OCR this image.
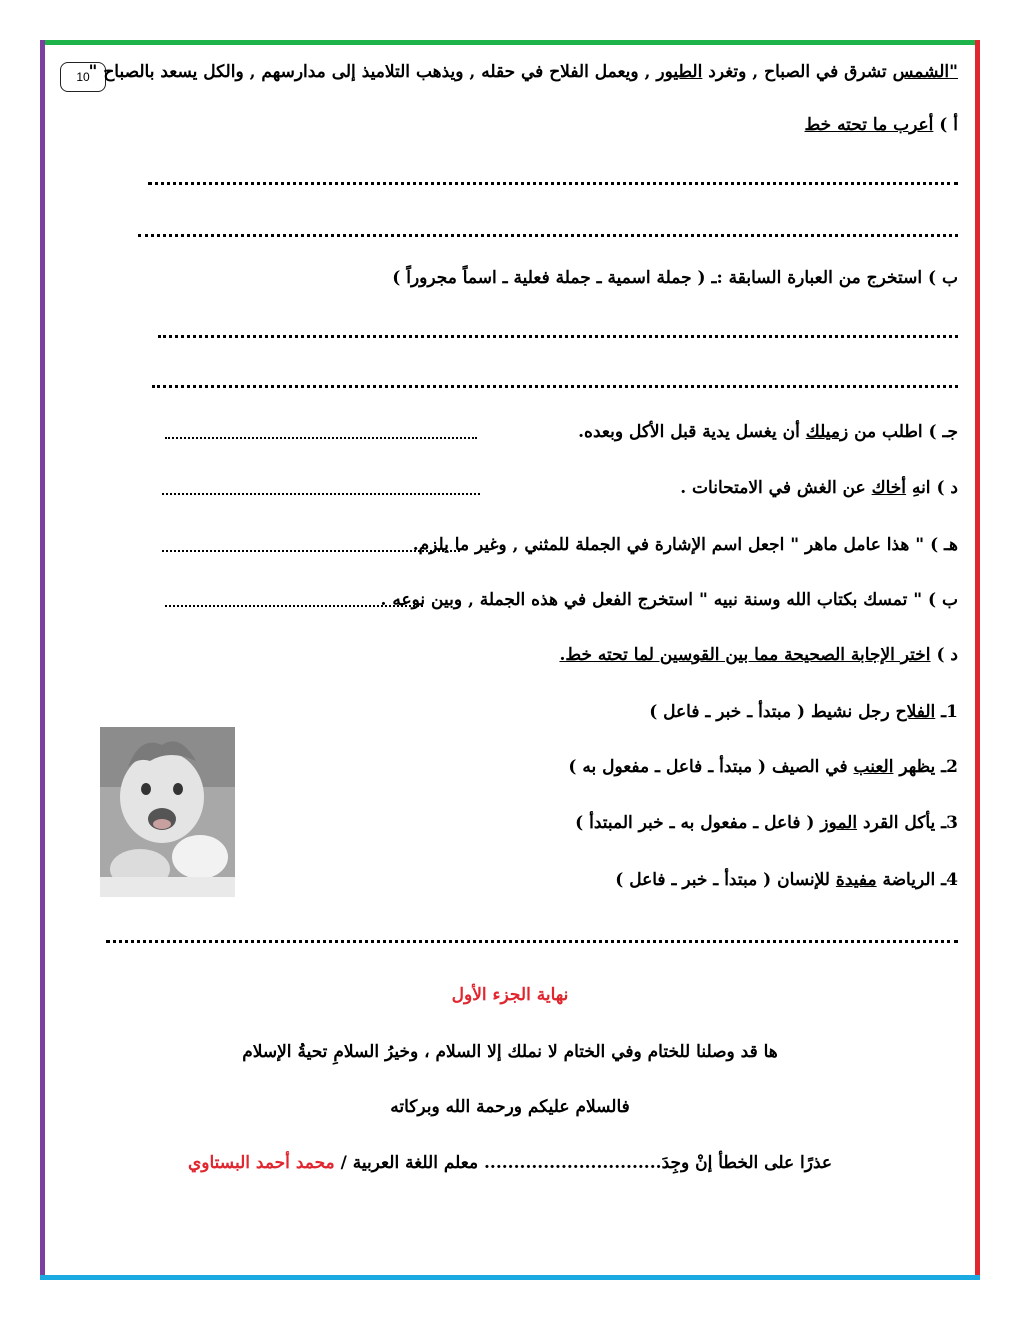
10	"الشمس تشرق في الصباح , وتغرد الطيور , ويعمل الفلاح في حقله , ويذهب التلاميذ إلى مدارسهم , والكل يسعد بالصباح "
أ ) أعرب ما تحته خط
ب ) استخرج من العبارة السابقة :ـ ( جملة اسمية ـ جملة فعلية ـ اسماً مجروراً )
جـ ) اطلب من زميلك أن يغسل يدية قبل الأكل وبعده.
د ) انهِ أخاك عن الغش في الامتحانات .
هـ ) " هذا عامل ماهر " اجعل اسم الإشارة في الجملة للمثني , وغير ما يلزم.
ب ) " تمسك بكتاب الله وسنة نبيه " استخرج الفعل في هذه الجملة , وبين نوعه .
د ) اختر الإجابة الصحيحة مما بين القوسين لما تحته خط.
1ـ الفلاح رجل نشيط ( مبتدأ ـ خبر ـ فاعل )
2ـ يظهر العنب في الصيف ( مبتدأ ـ فاعل ـ مفعول به )
3ـ يأكل القرد الموز ( فاعل ـ مفعول به ـ خبر المبتدأ )
4ـ الرياضة مفيدة للإنسان ( مبتدأ ـ خبر ـ فاعل )
نهاية الجزء الأول
ها قد وصلنا للختام وفي الختام لا نملك إلا السلام ، وخيرُ السلامِ تحيةُ الإسلام
فالسلام عليكم ورحمة الله وبركاته
عذرًا على الخطأ إنْ وجِدَ.............................. معلم اللغة العربية / محمد أحمد البستاوي
